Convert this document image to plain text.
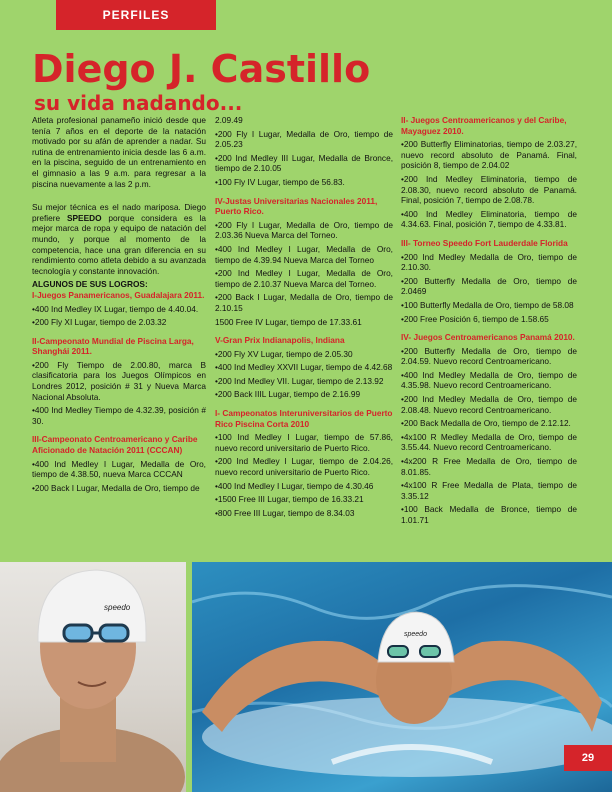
PERFILES
Diego J. Castillo
su vida nadando...

Atleta profesional panameño inició desde que tenía 7 años en el deporte de la natación motivado por su afán de aprender a nadar. Su rutina de entrenamiento inicia desde las 6 a.m. en la piscina, seguido de un entrenamiento en el gimnasio a las 9 a.m. para regresar a la piscina nuevamente a las 2 p.m.

Su mejor técnica es el nado mariposa. Diego prefiere SPEEDO porque considera es la mejor marca de ropa y equipo de natación del mundo, y porque al momento de la competencia, hace una gran diferencia en su rendimiento como atleta debido a su avanzada tecnología y constante innovación.

ALGUNOS DE SUS LOGROS:

I-Juegos Panamericanos, Guadalajara 2011.

•400 Ind Medley IX Lugar, tiempo de 4.40.04.

•200 Fly XI Lugar, tiempo de 2.03.32

II-Campeonato Mundial de Piscina Larga, Shanghái 2011.

•200 Fly Tiempo de 2.00.80, marca B clasificatoria para los Juegos Olímpicos en Londres 2012, posición # 31 y Nueva Marca Nacional Absoluta.

•400 Ind Medley Tiempo de 4.32.39, posición # 30.

III-Campeonato Centroamericano y Caribe Aficionado de Natación 2011 (CCCAN)

•400 Ind Medley I Lugar, Medalla de Oro, tiempo de 4.38.50, nueva Marca CCCAN

•200 Back I Lugar, Medalla de Oro, tiempo de

2.09.49

•200 Fly I Lugar, Medalla de Oro, tiempo de 2.05.23

•200 Ind Medley III Lugar, Medalla de Bronce, tiempo de 2.10.05

•100 Fly IV Lugar, tiempo de 56.83.

IV-Justas Universitarias Nacionales 2011, Puerto Rico.

•200 Fly I Lugar, Medalla de Oro, tiempo de 2.03.36 Nueva Marca del Torneo.

•400 Ind Medley I Lugar, Medalla de Oro, tiempo de 4.39.94 Nueva Marca del Torneo

•200 Ind Medley I Lugar, Medalla de Oro, tiempo de 2.10.37 Nueva Marca del Torneo.

•200 Back I Lugar, Medalla de Oro, tiempo de 2.10.15

1500 Free IV Lugar, tiempo de 17.33.61

V-Gran Prix Indianapolis, Indiana

•200 Fly XV Lugar, tiempo de 2.05.30

•400 Ind Medley XXVII Lugar, tiempo de 4.42.68

•200 Ind Medley VII. Lugar, tiempo de 2.13.92

•200 Back IIIL Lugar, tiempo de 2.16.99

I- Campeonatos Interuniversitarios de Puerto Rico Piscina Corta 2010

•100 Ind Medley I Lugar, tiempo de 57.86, nuevo record universitario de Puerto Rico.

•200 Ind Medley I Lugar, tiempo de 2.04.26, nuevo record universitario de Puerto Rico.

•400 Ind Medley I Lugar, tiempo de 4.30.46

•1500 Free III Lugar, tiempo de 16.33.21

•800 Free III Lugar, tiempo de 8.34.03

II- Juegos Centroamericanos y del Caribe, Mayaguez 2010.

•200 Butterfly Eliminatorias, tiempo de 2.03.27, nuevo record absoluto de Panamá. Final, posición 8, tiempo de 2.04.02

•200 Ind Medley Eliminatoria, tiempo de 2.08.30, nuevo record absoluto de Panamá. Final, posición 7, tiempo de 2.08.78.

•400 Ind Medley Eliminatoria, tiempo de 4.34.63. Final, posición 7, tiempo de 4.33.81.

III- Torneo Speedo Fort Lauderdale Florida

•200 Ind Medley Medalla de Oro, tiempo de 2.10.30.

•200 Butterfly Medalla de Oro, tiempo de 2.0469

•100 Butterfly Medalla de Oro, tiempo de 58.08

•200 Free Posición 6, tiempo de 1.58.65

IV- Juegos Centroamericanos Panamá 2010.

•200 Butterfly Medalla de Oro, tiempo de 2.04.59. Nuevo record Centroamericano.

•400 Ind Medley Medalla de Oro, tiempo de 4.35.98. Nuevo record Centroamericano.

•200 Ind Medley Medalla de Oro, tiempo de 2.08.48. Nuevo record Centroamericano.

•200 Back Medalla de Oro, tiempo de 2.12.12.

•4x100 R Medley Medalla de Oro, tiempo de 3.55.44. Nuevo record Centroamericano.

•4x200 R Free Medalla de Oro, tiempo de 8.01.85.

•4x100 R Free Medalla de Plata, tiempo de 3.35.12

•100 Back Medalla de Bronce, tiempo de 1.01.71

speedo
speedo
29
